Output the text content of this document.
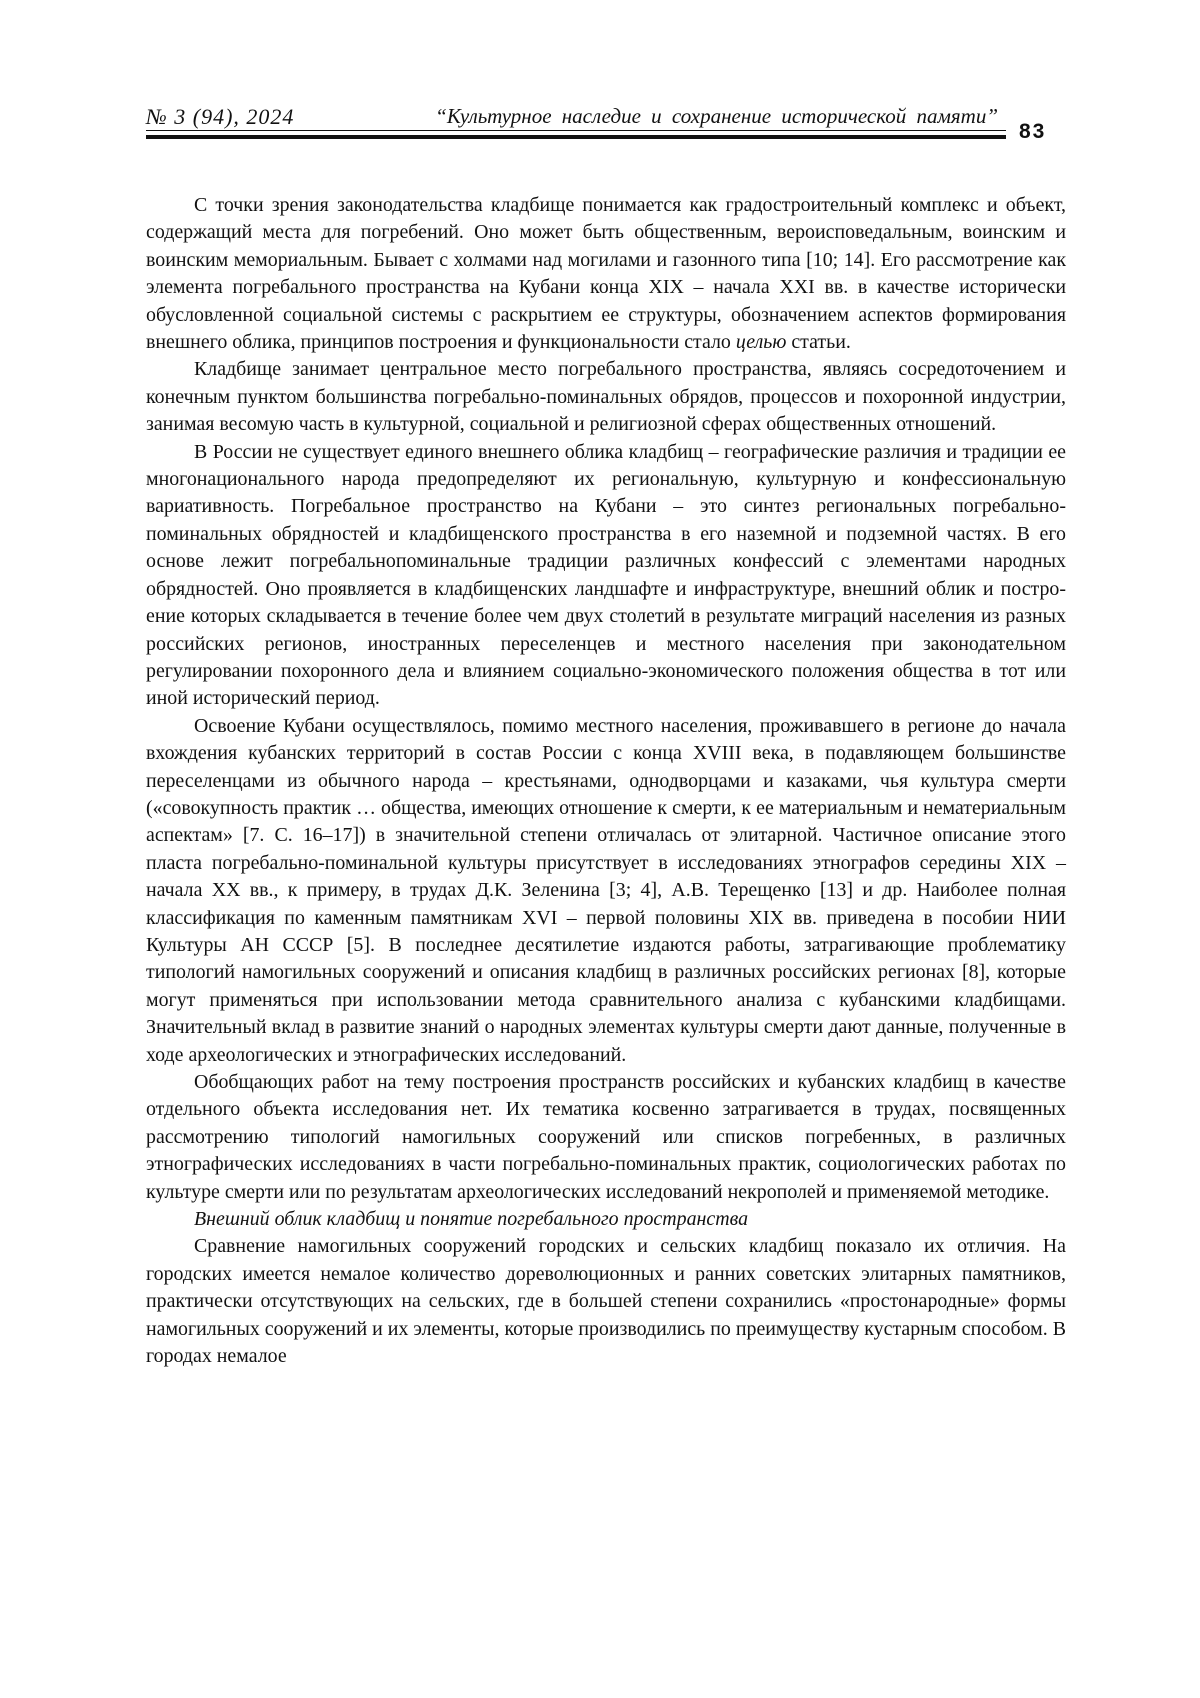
№ 3 (94), 2024	“Культурное наследие и сохранение исторической памяти”
83

С точки зрения законодательства кладбище понимается как градостроительный комплекс и объект, содержащий места для погребений. Оно может быть общественным, вероисповедальным, воинским и воинским мемориальным. Бывает с холмами над могилами и газонного типа [10; 14]. Его рассмотрение как элемента погребального пространства на Кубани конца XIX – начала XXI вв. в качестве исторически обусловленной социальной системы с раскрытием ее структуры, обозначением аспектов формирования внешнего облика, принципов построения и функциональности стало целью статьи.

Кладбище занимает центральное место погребального пространства, являясь сосредоточением и конечным пунктом большинства погребально-поминальных обрядов, процессов и похоронной индустрии, занимая весомую часть в культурной, социальной и религиозной сферах общественных отношений.

В России не существует единого внешнего облика кладбищ – географические различия и традиции ее многонационального народа предопределяют их региональную, культурную и конфессиональную вариативность. Погребальное пространство на Кубани – это синтез региональных погребально-поминальных обрядностей и кладбищенского пространства в его наземной и подземной частях. В его основе лежит погребальнопоминальные традиции различных конфессий с элементами народных обрядностей. Оно проявляется в кладбищенских ландшафте и инфраструктуре, внешний облик и построение которых складывается в течение более чем двух столетий в результате миграций населения из разных российских регионов, иностранных переселенцев и местного населения при законодательном регулировании похоронного дела и влиянием социально-экономического положения общества в тот или иной исторический период.

Освоение Кубани осуществлялось, помимо местного населения, проживавшего в регионе до начала вхождения кубанских территорий в состав России с конца XVIII века, в подавляющем большинстве переселенцами из обычного народа – крестьянами, однодворцами и казаками, чья культура смерти («совокупность практик … общества, имеющих отношение к смерти, к ее материальным и нематериальным аспектам» [7. С. 16–17]) в значительной степени отличалась от элитарной. Частичное описание этого пласта погребально-поминальной культуры присутствует в исследованиях этнографов середины XIX – начала XX вв., к примеру, в трудах Д.К. Зеленина [3; 4], А.В. Терещенко [13] и др. Наиболее полная классификация по каменным памятникам XVI – первой половины XIX вв. приведена в пособии НИИ Культуры АН СССР [5]. В последнее десятилетие издаются работы, затрагивающие проблематику типологий намогильных сооружений и описания кладбищ в различных российских регионах [8], которые могут применяться при использовании метода сравнительного анализа с кубанскими кладбищами. Значительный вклад в развитие знаний о народных элементах культуры смерти дают данные, полученные в ходе археологических и этнографических исследований.

Обобщающих работ на тему построения пространств российских и кубанских кладбищ в качестве отдельного объекта исследования нет. Их тематика косвенно затрагивается в трудах, посвященных рассмотрению типологий намогильных сооружений или списков погребенных, в различных этнографических исследованиях в части погребально-поминальных практик, социологических работах по культуре смерти или по результатам археологических исследований некрополей и применяемой методике.

Внешний облик кладбищ и понятие погребального пространства

Сравнение намогильных сооружений городских и сельских кладбищ показало их отличия. На городских имеется немалое количество дореволюционных и ранних советских элитарных памятников, практически отсутствующих на сельских, где в большей степени сохранились «простонародные» формы намогильных сооружений и их элементы, которые производились по преимуществу кустарным способом. В городах немалое
